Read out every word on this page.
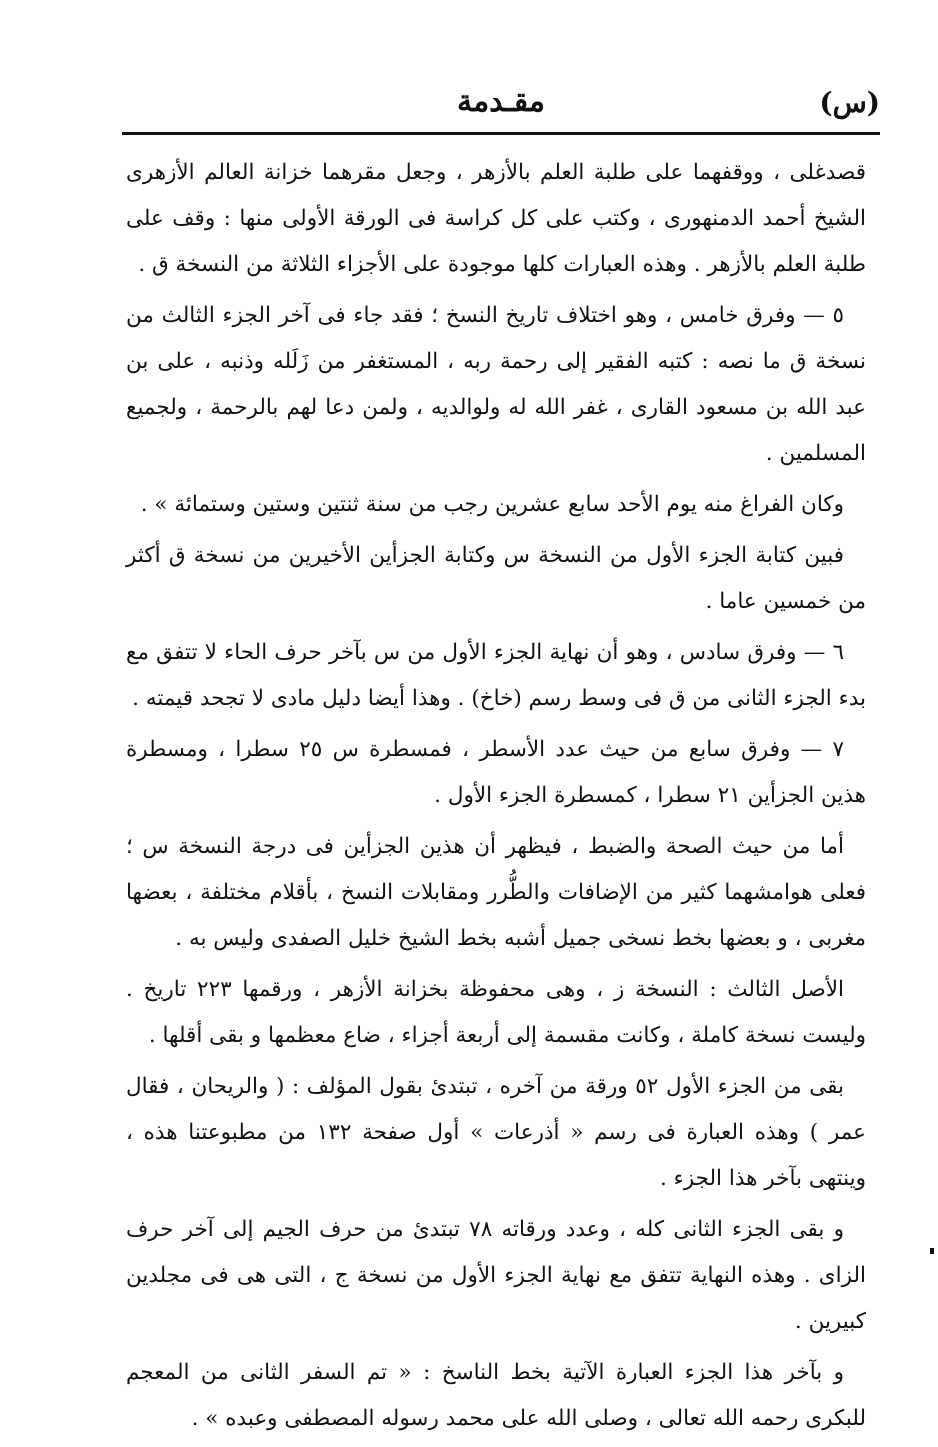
مقـدمة	(س)

قصدغلى ، ووقفهما على طلبة العلم بالأزهر ، وجعل مقرهما خزانة العالم الأزهرى الشيخ أحمد الدمنهورى ، وكتب على كل كراسة فى الورقة الأولى منها : وقف على طلبة العلم بالأزهر . وهذه العبارات كلها موجودة على الأجزاء الثلاثة من النسخة ق .

٥ — وفرق خامس ، وهو اختلاف تاريخ النسخ ؛ فقد جاء فى آخر الجزء الثالث من نسخة ق ما نصه : كتبه الفقير إلى رحمة ربه ، المستغفر من زَلَله وذنبه ، على بن عبد الله بن مسعود القارى ، غفر الله له ولوالديه ، ولمن دعا لهم بالرحمة ، ولجميع المسلمين .

وكان الفراغ منه يوم الأحد سابع عشرين رجب من سنة ثنتين وستين وستمائة » .

فبين كتابة الجزء الأول من النسخة س وكتابة الجزأين الأخيرين من نسخة ق أكثر من خمسين عاما .

٦ — وفرق سادس ، وهو أن نهاية الجزء الأول من س بآخر حرف الحاء لا تتفق مع بدء الجزء الثانى من ق فى وسط رسم (خاخ) . وهذا أيضا دليل مادى لا تجحد قيمته .

٧ — وفرق سابع من حيث عدد الأسطر ، فمسطرة س ٢٥ سطرا ، ومسطرة هذين الجزأين ٢١ سطرا ، كمسطرة الجزء الأول .

أما من حيث الصحة والضبط ، فيظهر أن هذين الجزأين فى درجة النسخة س ؛ فعلى هوامشهما كثير من الإضافات والطُّرر ومقابلات النسخ ، بأقلام مختلفة ، بعضها مغربى ، و بعضها بخط نسخى جميل أشبه بخط الشيخ خليل الصفدى وليس به .

الأصل الثالث : النسخة ز ، وهى محفوظة بخزانة الأزهر ، ورقمها ٢٢٣ تاريخ . وليست نسخة كاملة ، وكانت مقسمة إلى أربعة أجزاء ، ضاع معظمها و بقى أقلها .

بقى من الجزء الأول ٥٢ ورقة من آخره ، تبتدئ بقول المؤلف : ( والريحان ، فقال عمر ) وهذه العبارة فى رسم « أذرعات » أول صفحة ١٣٢ من مطبوعتنا هذه ، وينتهى بآخر هذا الجزء .

و بقى الجزء الثانى كله ، وعدد ورقاته ٧٨ تبتدئ من حرف الجيم إلى آخر حرف الزاى . وهذه النهاية تتفق مع نهاية الجزء الأول من نسخة ج ، التى هى فى مجلدين كبيرين .

و بآخر هذا الجزء العبارة الآتية بخط الناسخ : « تم السفر الثانى من المعجم للبكرى رحمه الله تعالى ، وصلى الله على محمد رسوله المصطفى وعبده » .
